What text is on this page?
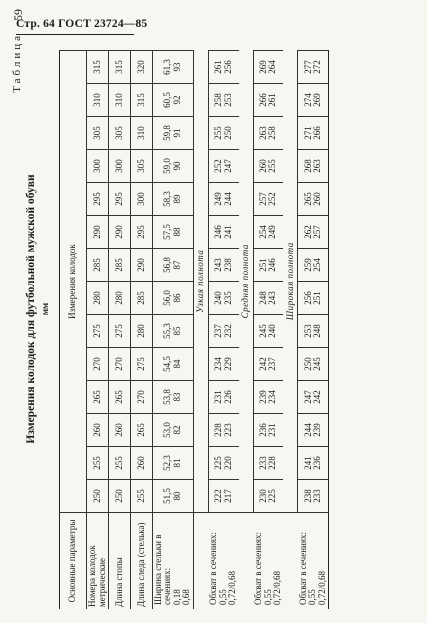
Стр. 64 ГОСТ 23724—85
59
Таблица
Измерения колодок для футбольной мужской обуви мм
Основные параметры	Измерения колодок													
Номера колодок метрические	250	255	260	265	270	275	280	285	290	295	300	305	310	315
Длина стопы	250	255	260	265	270	275	280	285	290	295	300	305	310	315
Длина следа (стелька)	255	260	265	270	275	280	285	290	295	300	305	310	315	320

Ширина стельки в сечениях: 0,18 0,68	51,5 80	52,3 81	53,0 82	53,8 83	54,5 84	55,3 85	56,0 86	56,8 87	57,5 88	58,3 89	59,0 90	59,8 91	60,5 92	61,3 93

	Узкая полнота													

Обхват в сечениях: 0,55 0,72/0,68	222 217	225 220	228 223	231 226	234 229	237 232	240 235	243 238	246 241	249 244	252 247	255 250	258 253	261 256

	Средняя полнота													

Обхват в сечениях: 0,55 0,72/0,68	230 225	233 228	236 231	239 234	242 237	245 240	248 243	251 246	254 249	257 252	260 255	263 258	266 261	269 264

	Широкая полнота													

Обхват в сечениях: 0,55 0,72/0,68	238 233	241 236	244 239	247 242	250 245	253 248	256 251	259 254	262 257	265 260	268 263	271 266	274 269	277 272
